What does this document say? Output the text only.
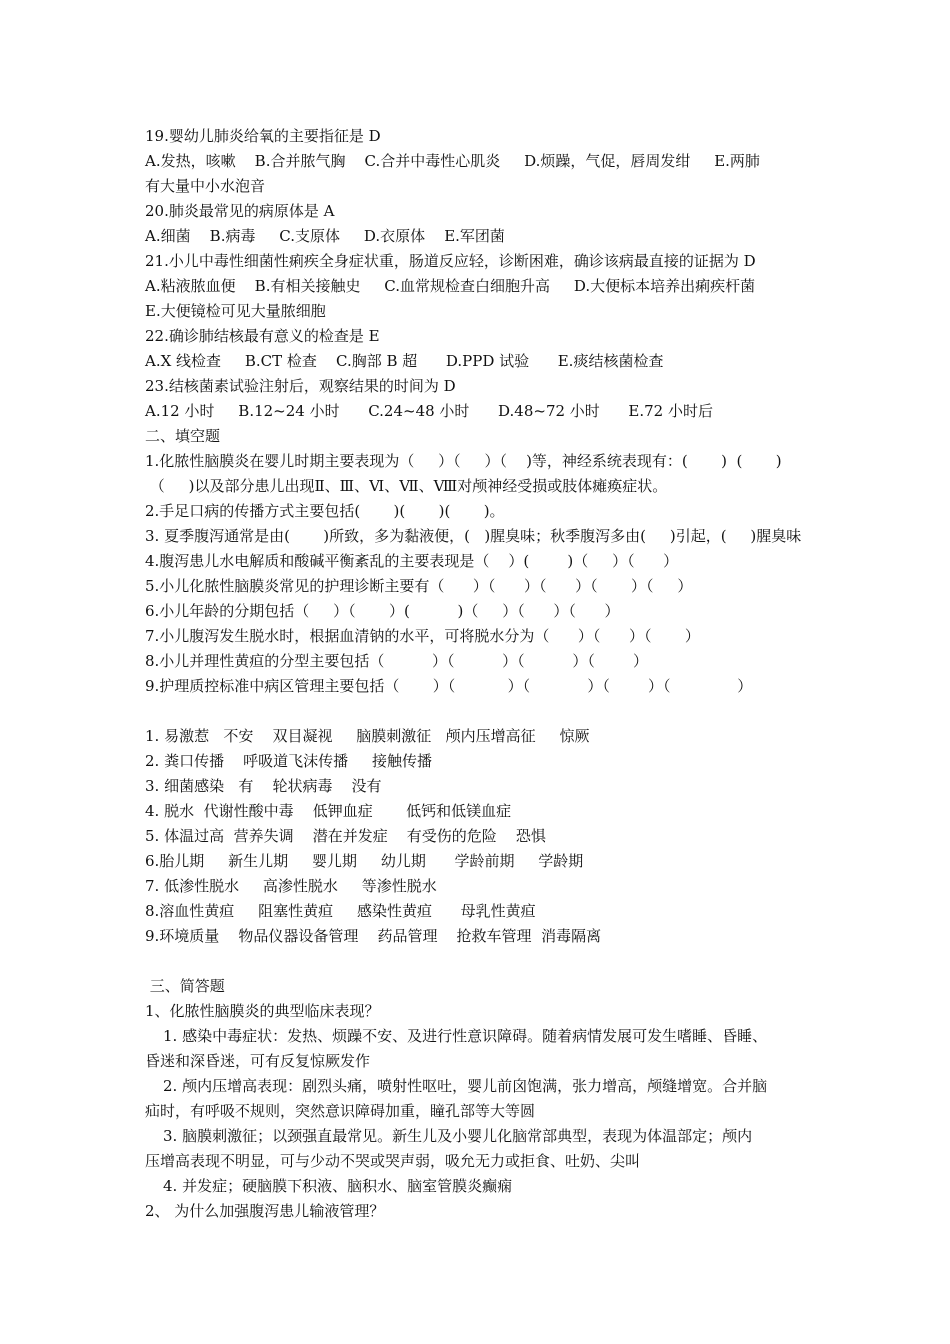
19.婴幼儿肺炎给氧的主要指征是 D
A.发热，咳嗽    B.合并脓气胸    C.合并中毒性心肌炎     D.烦躁，气促，唇周发绀     E.两肺
有大量中小水泡音
20.肺炎最常见的病原体是 A
A.细菌    B.病毒     C.支原体     D.衣原体    E.军团菌
21.小儿中毒性细菌性痢疾全身症状重，肠道反应轻，诊断困难，确诊该病最直接的证据为 D
A.粘液脓血便    B.有相关接触史     C.血常规检查白细胞升高     D.大便标本培养出痢疾杆菌
E.大便镜检可见大量脓细胞
22.确诊肺结核最有意义的检查是 E
A.X 线检查     B.CT 检查    C.胸部 B 超      D.PPD 试验      E.痰结核菌检查
23.结核菌素试验注射后，观察结果的时间为 D
A.12 小时     B.12~24 小时      C.24~48 小时      D.48~72 小时      E.72 小时后
二、填空题
1.化脓性脑膜炎在婴儿时期主要表现为（     ）（     ）（    )等，神经系统表现有：(       )  (       )
（     )以及部分患儿出现Ⅱ、Ⅲ、Ⅵ、Ⅶ、Ⅷ对颅神经受损或肢体瘫痪症状。
2.手足口病的传播方式主要包括(       )(       )(       )。
3. 夏季腹泻通常是由(       )所致，多为黏液便，(   )腥臭味；秋季腹泻多由(     )引起，(     )腥臭味
4.腹泻患儿水电解质和酸碱平衡紊乱的主要表现是（    ）(        )（     ）（      ）
5.小儿化脓性脑膜炎常见的护理诊断主要有（      ）（      ）（      ）（       ）（     ）
6.小儿年龄的分期包括（     ）（       ）(          )（     ）（      ）（      ）
7.小儿腹泻发生脱水时，根据血清钠的水平，可将脱水分为（      ）（      ）（       ）
8.小儿并理性黄疸的分型主要包括（          ）（          ）（          ）（        ）
9.护理质控标准中病区管理主要包括（       ）（           ）（            ）（        ）（              ）
1. 易激惹   不安    双目凝视     脑膜刺激征   颅内压增高征     惊厥
2. 粪口传播    呼吸道飞沫传播     接触传播
3. 细菌感染   有    轮状病毒    没有
4. 脱水  代谢性酸中毒    低钾血症       低钙和低镁血症
5. 体温过高  营养失调    潜在并发症    有受伤的危险    恐惧
6.胎儿期     新生儿期     婴儿期     幼儿期      学龄前期     学龄期
7. 低渗性脱水     高渗性脱水     等渗性脱水
8.溶血性黄疸     阻塞性黄疸     感染性黄疸      母乳性黄疸
9.环境质量    物品仪器设备管理    药品管理    抢救车管理  消毒隔离
三、简答题
1、化脓性脑膜炎的典型临床表现？
1. 感染中毒症状：发热、烦躁不安、及进行性意识障碍。随着病情发展可发生嗜睡、昏睡、
昏迷和深昏迷，可有反复惊厥发作
2. 颅内压增高表现：剧烈头痛，喷射性呕吐，婴儿前囟饱满，张力增高，颅缝增宽。合并脑
疝时，有呼吸不规则，突然意识障碍加重，瞳孔部等大等圆
3. 脑膜刺激征；以颈强直最常见。新生儿及小婴儿化脑常部典型，表现为体温部定；颅内
压增高表现不明显，可与少动不哭或哭声弱，吸允无力或拒食、吐奶、尖叫
4. 并发症；硬脑膜下积液、脑积水、脑室管膜炎癫痫
2、 为什么加强腹泻患儿输液管理？
